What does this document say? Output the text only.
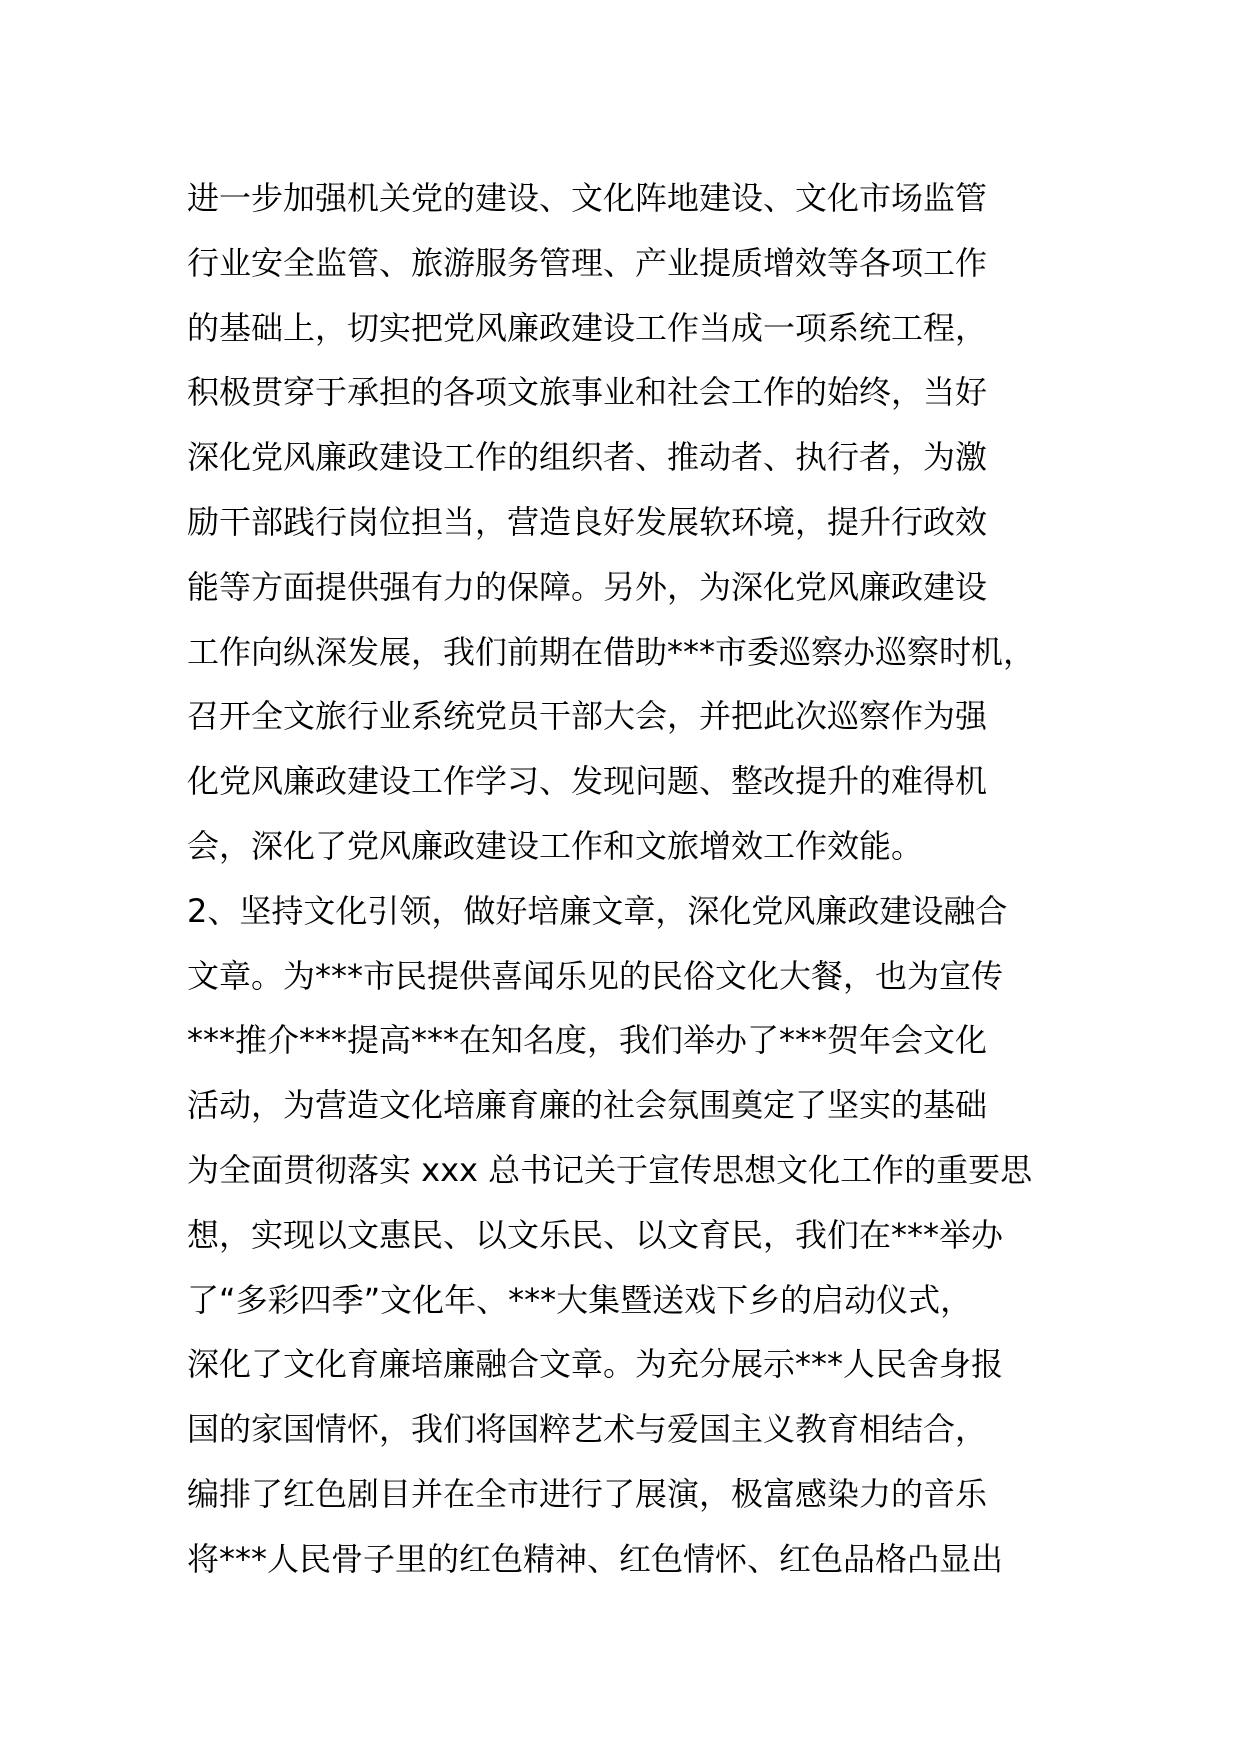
进一步加强机关党的建设、文化阵地建设、文化市场监管
行业安全监管、旅游服务管理、产业提质增效等各项工作
的基础上，切实把党风廉政建设工作当成一项系统工程，
积极贯穿于承担的各项文旅事业和社会工作的始终，当好
深化党风廉政建设工作的组织者、推动者、执行者，为激
励干部践行岗位担当，营造良好发展软环境，提升行政效
能等方面提供强有力的保障。另外，为深化党风廉政建设
工作向纵深发展，我们前期在借助***市委巡察办巡察时机，
召开全文旅行业系统党员干部大会，并把此次巡察作为强
化党风廉政建设工作学习、发现问题、整改提升的难得机
会，深化了党风廉政建设工作和文旅增效工作效能。
2、坚持文化引领，做好培廉文章，深化党风廉政建设融合
文章。为***市民提供喜闻乐见的民俗文化大餐，也为宣传
***推介***提高***在知名度，我们举办了***贺年会文化
活动，为营造文化培廉育廉的社会氛围奠定了坚实的基础
为全面贯彻落实 xxx 总书记关于宣传思想文化工作的重要思
想，实现以文惠民、以文乐民、以文育民，我们在***举办
了“多彩四季”文化年、***大集暨送戏下乡的启动仪式，
深化了文化育廉培廉融合文章。为充分展示***人民舍身报
国的家国情怀，我们将国粹艺术与爱国主义教育相结合，
编排了红色剧目并在全市进行了展演，极富感染力的音乐
将***人民骨子里的红色精神、红色情怀、红色品格凸显出
